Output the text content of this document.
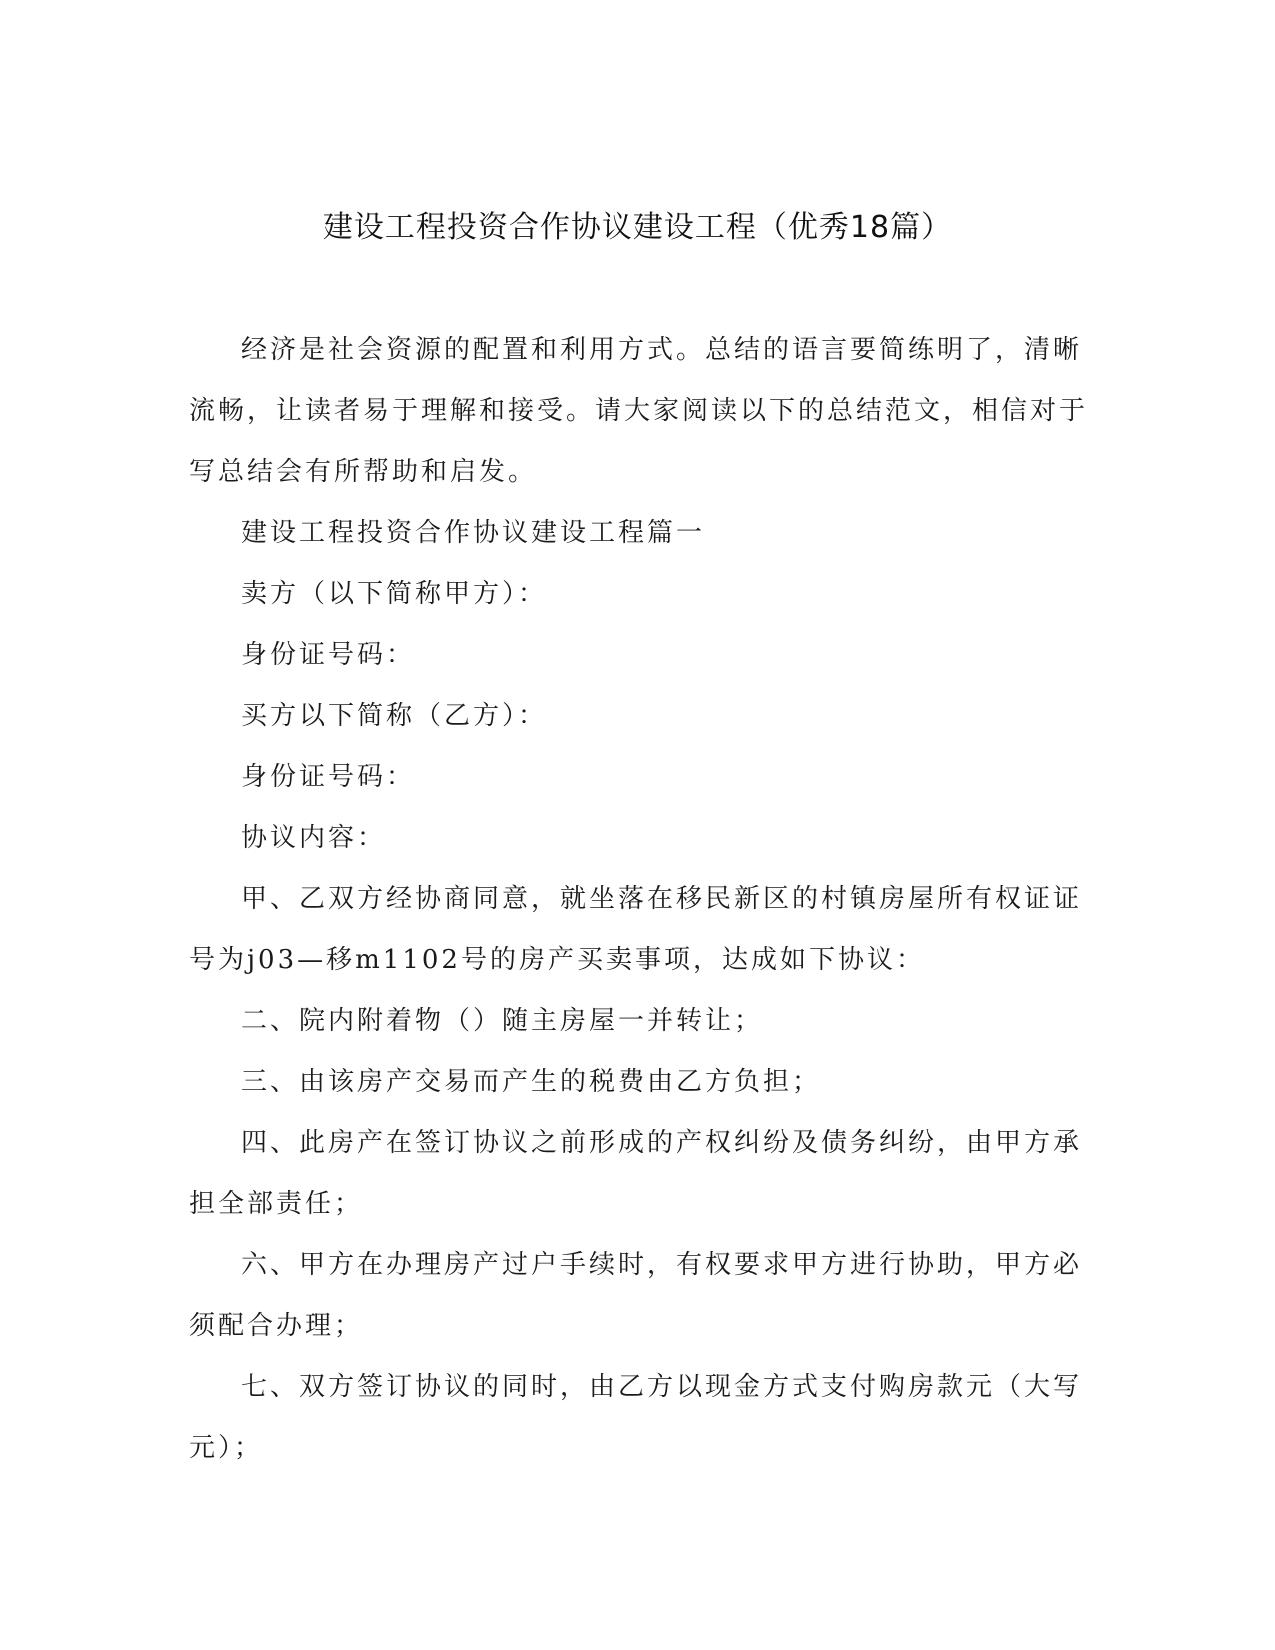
建设工程投资合作协议建设工程（优秀18篇）

经济是社会资源的配置和利用方式。总结的语言要简练明了，清晰流畅，让读者易于理解和接受。请大家阅读以下的总结范文，相信对于写总结会有所帮助和启发。

建设工程投资合作协议建设工程篇一

卖方（以下简称甲方）：

身份证号码：

买方以下简称（乙方）：

身份证号码：

协议内容：

甲、乙双方经协商同意，就坐落在移民新区的村镇房屋所有权证证号为j03—移m1102号的房产买卖事项，达成如下协议：

二、院内附着物（）随主房屋一并转让；

三、由该房产交易而产生的税费由乙方负担；

四、此房产在签订协议之前形成的产权纠纷及债务纠纷，由甲方承担全部责任；

六、甲方在办理房产过户手续时，有权要求甲方进行协助，甲方必须配合办理；

七、双方签订协议的同时，由乙方以现金方式支付购房款元（大写元）；
